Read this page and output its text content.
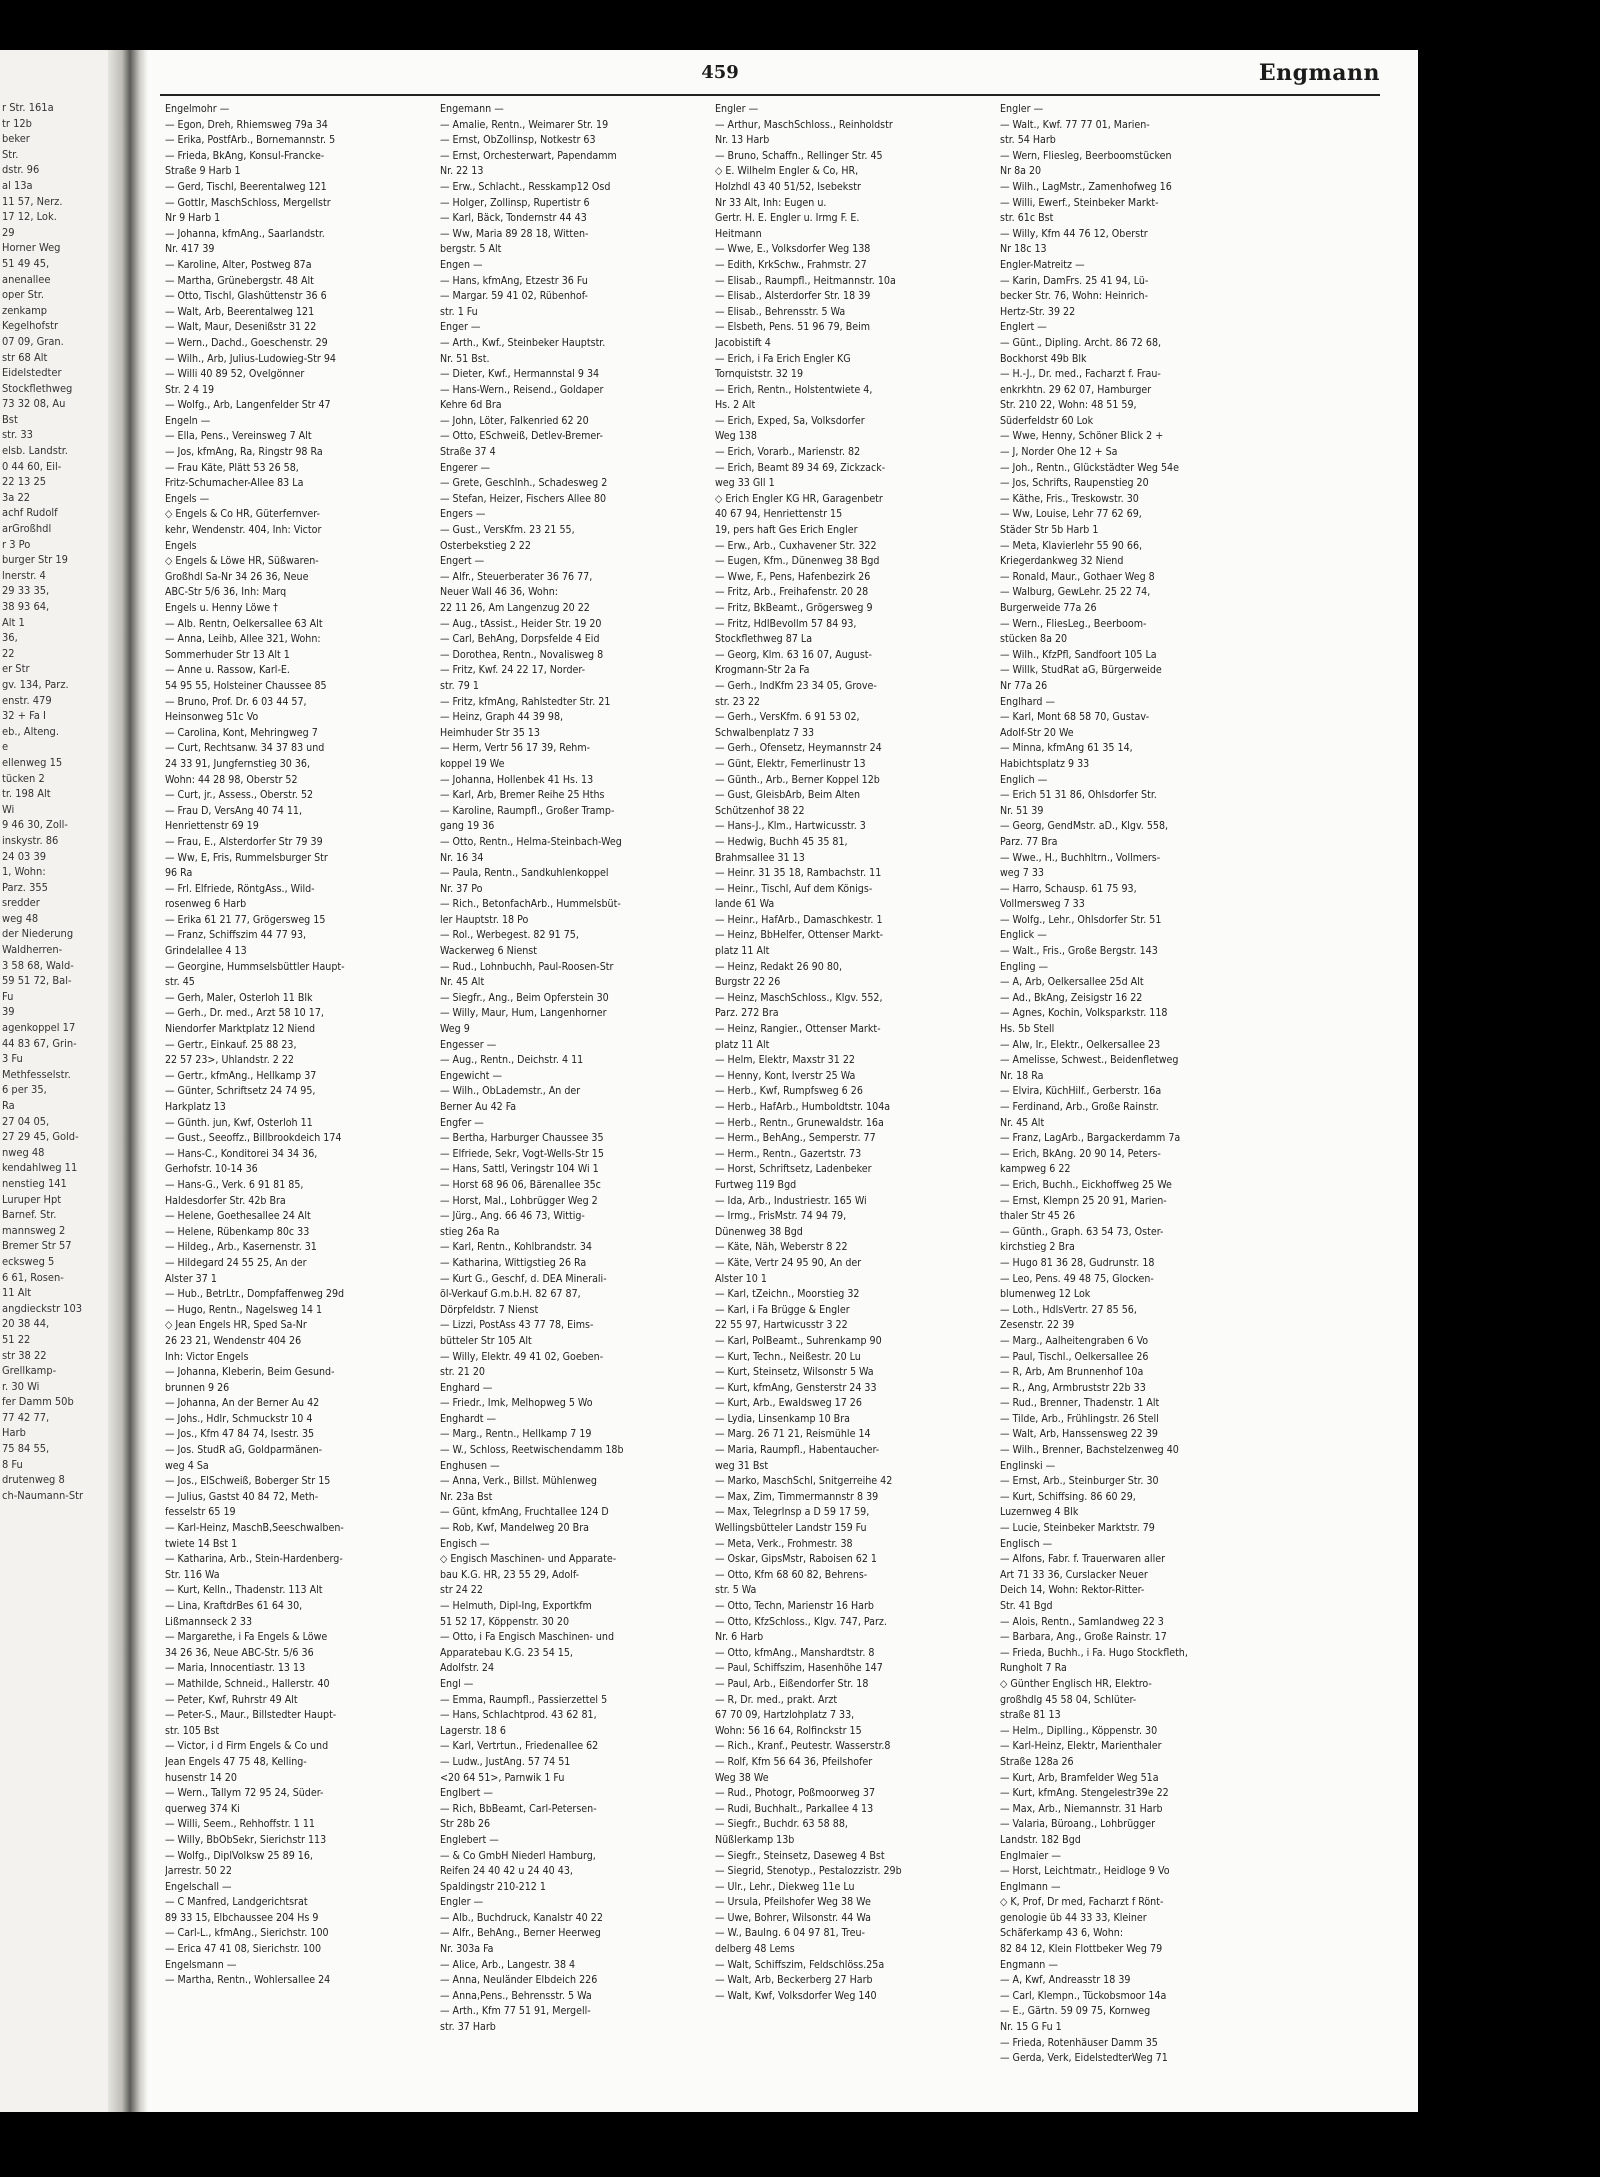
r Str. 161a
tr 12b
beker
Str.
dstr. 96
al 13a
11 57, Nerz.
17 12, Lok.
29
Horner Weg
51 49 45,
anenallee
oper Str.
zenkamp
Kegelhofstr
07 09, Gran.
str 68 Alt
Eidelstedter
Stockflethweg
73 32 08, Au
Bst
str. 33
elsb. Landstr.
0 44 60, Eil-
22 13 25
3a 22
achf Rudolf
arGroßhdl
r 3 Po
burger Str 19
lnerstr. 4
29 33 35,
38 93 64,
Alt 1
36,
22
er Str
gv. 134, Parz.
enstr. 479
32 + Fa I
eb., Alteng.
e
ellenweg 15
tücken 2
tr. 198 Alt
Wi
9 46 30, Zoll-
inskystr. 86
24 03 39
1, Wohn:
Parz. 355
sredder
weg 48
der Niederung
Waldherren-
3 58 68, Wald-
59 51 72, Bal-
Fu
39
agenkoppel 17
44 83 67, Grin-
3 Fu
Methfesselstr.
6 per 35,
Ra
27 04 05,
27 29 45, Gold-
nweg 48
kendahlweg 11
nenstieg 141
Luruper Hpt
Barnef. Str.
mannsweg 2
Bremer Str 57
ecksweg 5
6 61, Rosen-
11 Alt
angdieckstr 103
20 38 44,
51 22
str 38 22
Grellkamp-
r. 30 Wi
fer Damm 50b
77 42 77,
Harb
75 84 55,
8 Fu
drutenweg 8
ch-Naumann-Str
459	Engmann
Engelmohr —
— Egon, Dreh, Rhiemsweg 79a 34
— Erika, PostfArb., Bornemannstr. 5
— Frieda, BkAng, Konsul-Francke-
Straße 9 Harb 1
— Gerd, Tischl, Beerentalweg 121
— Gottlr, MaschSchloss, Mergellstr
Nr 9 Harb 1
— Johanna, kfmAng., Saarlandstr.
Nr. 417 39
— Karoline, Alter, Postweg 87a
— Martha, Grünebergstr. 48 Alt
— Otto, Tischl, Glashüttenstr 36 6
— Walt, Arb, Beerentalweg 121
— Walt, Maur, Desenißstr 31 22
— Wern., Dachd., Goeschenstr. 29
— Wilh., Arb, Julius-Ludowieg-Str 94
— Willi 40 89 52, Ovelgönner
Str. 2 4 19
— Wolfg., Arb, Langenfelder Str 47
Engeln —
— Ella, Pens., Vereinsweg 7 Alt
— Jos, kfmAng, Ra, Ringstr 98 Ra
— Frau Käte, Plätt 53 26 58,
Fritz-Schumacher-Allee 83 La
Engels —
◇ Engels & Co HR, Güterfernver-
kehr, Wendenstr. 404, Inh: Victor
Engels
◇ Engels & Löwe HR, Süßwaren-
Großhdl Sa-Nr 34 26 36, Neue
ABC-Str 5/6 36, Inh: Marq
Engels u. Henny Löwe †
— Alb. Rentn, Oelkersallee 63 Alt
— Anna, Leihb, Allee 321, Wohn:
Sommerhuder Str 13 Alt 1
— Anne u. Rassow, Karl-E.
54 95 55, Holsteiner Chaussee 85
— Bruno, Prof. Dr. 6 03 44 57,
Heinsonweg 51c Vo
— Carolina, Kont, Mehringweg 7
— Curt, Rechtsanw. 34 37 83 und
24 33 91, Jungfernstieg 30 36,
Wohn: 44 28 98, Oberstr 52
— Curt, jr., Assess., Oberstr. 52
— Frau D, VersAng 40 74 11,
Henriettenstr 69 19
— Frau, E., Alsterdorfer Str 79 39
— Ww, E, Fris, Rummelsburger Str
96 Ra
— Frl. Elfriede, RöntgAss., Wild-
rosenweg 6 Harb
— Erika 61 21 77, Grögersweg 15
— Franz, Schiffszim 44 77 93,
Grindelallee 4 13
— Georgine, Hummselsbüttler Haupt-
str. 45
— Gerh, Maler, Osterloh 11 Blk
— Gerh., Dr. med., Arzt 58 10 17,
Niendorfer Marktplatz 12 Niend
— Gertr., Einkauf. 25 88 23,
22 57 23>, Uhlandstr. 2 22
— Gertr., kfmAng., Hellkamp 37
— Günter, Schriftsetz 24 74 95,
Harkplatz 13
— Günth. jun, Kwf, Osterloh 11
— Gust., Seeoffz., Billbrookdeich 174
— Hans-C., Konditorei 34 34 36,
Gerhofstr. 10-14 36
— Hans-G., Verk. 6 91 81 85,
Haldesdorfer Str. 42b Bra
— Helene, Goethesallee 24 Alt
— Helene, Rübenkamp 80c 33
— Hildeg., Arb., Kasernenstr. 31
— Hildegard 24 55 25, An der
Alster 37 1
— Hub., BetrLtr., Dompfaffenweg 29d
— Hugo, Rentn., Nagelsweg 14 1
◇ Jean Engels HR, Sped Sa-Nr
26 23 21, Wendenstr 404 26
Inh: Victor Engels
— Johanna, Kleberin, Beim Gesund-
brunnen 9 26
— Johanna, An der Berner Au 42
— Johs., Hdlr, Schmuckstr 10 4
— Jos., Kfm 47 84 74, Isestr. 35
— Jos. StudR aG, Goldparmänen-
weg 4 Sa
— Jos., ElSchweiß, Boberger Str 15
— Julius, Gastst 40 84 72, Meth-
fesselstr 65 19
— Karl-Heinz, MaschB,Seeschwalben-
twiete 14 Bst 1
— Katharina, Arb., Stein-Hardenberg-
Str. 116 Wa
— Kurt, Kelln., Thadenstr. 113 Alt
— Lina, KraftdrBes 61 64 30,
Lißmannseck 2 33
— Margarethe, i Fa Engels & Löwe
34 26 36, Neue ABC-Str. 5/6 36
— Maria, Innocentiastr. 13 13
— Mathilde, Schneid., Hallerstr. 40
— Peter, Kwf, Ruhrstr 49 Alt
— Peter-S., Maur., Billstedter Haupt-
str. 105 Bst
— Victor, i d Firm Engels & Co und
Jean Engels 47 75 48, Kelling-
husenstr 14 20
— Wern., Tallym 72 95 24, Süder-
querweg 374 Ki
— Willi, Seem., Rehhoffstr. 1 11
— Willy, BbObSekr, Sierichstr 113
— Wolfg., DiplVolksw 25 89 16,
Jarrestr. 50 22
Engelschall —
— C Manfred, Landgerichtsrat
89 33 15, Elbchaussee 204 Hs 9
— Carl-L., kfmAng., Sierichstr. 100
— Erica 47 41 08, Sierichstr. 100
Engelsmann —
— Martha, Rentn., Wohlersallee 24
Engemann —
— Amalie, Rentn., Weimarer Str. 19
— Ernst, ObZollinsp, Notkestr 63
— Ernst, Orchesterwart, Papendamm
Nr. 22 13
— Erw., Schlacht., Resskamp12 Osd
— Holger, Zollinsp, Rupertistr 6
— Karl, Bäck, Tondernstr 44 43
— Ww, Maria 89 28 18, Witten-
bergstr. 5 Alt
Engen —
— Hans, kfmAng, Etzestr 36 Fu
— Margar. 59 41 02, Rübenhof-
str. 1 Fu
Enger —
— Arth., Kwf., Steinbeker Hauptstr.
Nr. 51 Bst.
— Dieter, Kwf., Hermannstal 9 34
— Hans-Wern., Reisend., Goldaper
Kehre 6d Bra
— John, Löter, Falkenried 62 20
— Otto, ESchweiß, Detlev-Bremer-
Straße 37 4
Engerer —
— Grete, Geschlnh., Schadesweg 2
— Stefan, Heizer, Fischers Allee 80
Engers —
— Gust., VersKfm. 23 21 55,
Osterbekstieg 2 22
Engert —
— Alfr., Steuerberater 36 76 77,
Neuer Wall 46 36, Wohn:
22 11 26, Am Langenzug 20 22
— Aug., tAssist., Heider Str. 19 20
— Carl, BehAng, Dorpsfelde 4 Eid
— Dorothea, Rentn., Novalisweg 8
— Fritz, Kwf. 24 22 17, Norder-
str. 79 1
— Fritz, kfmAng, Rahlstedter Str. 21
— Heinz, Graph 44 39 98,
Heimhuder Str 35 13
— Herm, Vertr 56 17 39, Rehm-
koppel 19 We
— Johanna, Hollenbek 41 Hs. 13
— Karl, Arb, Bremer Reihe 25 Hths
— Karoline, Raumpfl., Großer Tramp-
gang 19 36
— Otto, Rentn., Helma-Steinbach-Weg
Nr. 16 34
— Paula, Rentn., Sandkuhlenkoppel
Nr. 37 Po
— Rich., BetonfachArb., Hummelsbüt-
ler Hauptstr. 18 Po
— Rol., Werbegest. 82 91 75,
Wackerweg 6 Nienst
— Rud., Lohnbuchh, Paul-Roosen-Str
Nr. 45 Alt
— Siegfr., Ang., Beim Opferstein 30
— Willy, Maur, Hum, Langenhorner
Weg 9
Engesser —
— Aug., Rentn., Deichstr. 4 11
Engewicht —
— Wilh., ObLademstr., An der
Berner Au 42 Fa
Engfer —
— Bertha, Harburger Chaussee 35
— Elfriede, Sekr, Vogt-Wells-Str 15
— Hans, Sattl, Veringstr 104 Wi 1
— Horst 68 96 06, Bärenallee 35c
— Horst, Mal., Lohbrügger Weg 2
— Jürg., Ang. 66 46 73, Wittig-
stieg 26a Ra
— Karl, Rentn., Kohlbrandstr. 34
— Katharina, Wittigstieg 26 Ra
— Kurt G., Geschf, d. DEA Minerali-
öl-Verkauf G.m.b.H. 82 67 87,
Dörpfeldstr. 7 Nienst
— Lizzi, PostAss 43 77 78, Eims-
bütteler Str 105 Alt
— Willy, Elektr. 49 41 02, Goeben-
str. 21 20
Enghard —
— Friedr., Imk, Melhopweg 5 Wo
Enghardt —
— Marg., Rentn., Hellkamp 7 19
— W., Schloss, Reetwischendamm 18b
Enghusen —
— Anna, Verk., Billst. Mühlenweg
Nr. 23a Bst
— Günt, kfmAng, Fruchtallee 124 D
— Rob, Kwf, Mandelweg 20 Bra
Engisch —
◇ Engisch Maschinen- und Apparate-
bau K.G. HR, 23 55 29, Adolf-
str 24 22
— Helmuth, Dipl-Ing, Exportkfm
51 52 17, Köppenstr. 30 20
— Otto, i Fa Engisch Maschinen- und
Apparatebau K.G. 23 54 15,
Adolfstr. 24
Engl —
— Emma, Raumpfl., Passierzettel 5
— Hans, Schlachtprod. 43 62 81,
Lagerstr. 18 6
— Karl, Vertrtun., Friedenallee 62
— Ludw., JustAng. 57 74 51
<20 64 51>, Parnwik 1 Fu
Englbert —
— Rich, BbBeamt, Carl-Petersen-
Str 28b 26
Englebert —
— & Co GmbH Niederl Hamburg,
Reifen 24 40 42 u 24 40 43,
Spaldingstr 210-212 1
Engler —
— Alb., Buchdruck, Kanalstr 40 22
— Alfr., BehAng., Berner Heerweg
Nr. 303a Fa
— Alice, Arb., Langestr. 38 4
— Anna, Neuländer Elbdeich 226
— Anna,Pens., Behrensstr. 5 Wa
— Arth., Kfm 77 51 91, Mergell-
str. 37 Harb
Engler —
— Arthur, MaschSchloss., Reinholdstr
Nr. 13 Harb
— Bruno, Schaffn., Rellinger Str. 45
◇ E. Wilhelm Engler & Co, HR,
Holzhdl 43 40 51/52, Isebekstr
Nr 33 Alt, Inh: Eugen u.
Gertr. H. E. Engler u. Irmg F. E.
Heitmann
— Wwe, E., Volksdorfer Weg 138
— Edith, KrkSchw., Frahmstr. 27
— Elisab., Raumpfl., Heitmannstr. 10a
— Elisab., Alsterdorfer Str. 18 39
— Elisab., Behrensstr. 5 Wa
— Elsbeth, Pens. 51 96 79, Beim
Jacobistift 4
— Erich, i Fa Erich Engler KG
Tornquiststr. 32 19
— Erich, Rentn., Holstentwiete 4,
Hs. 2 Alt
— Erich, Exped, Sa, Volksdorfer
Weg 138
— Erich, Vorarb., Marienstr. 82
— Erich, Beamt 89 34 69, Zickzack-
weg 33 Gll 1
◇ Erich Engler KG HR, Garagenbetr
40 67 94, Henriettenstr 15
19, pers haft Ges Erich Engler
— Erw., Arb., Cuxhavener Str. 322
— Eugen, Kfm., Dünenweg 38 Bgd
— Wwe, F., Pens, Hafenbezirk 26
— Fritz, Arb., Freihafenstr. 20 28
— Fritz, BkBeamt., Grögersweg 9
— Fritz, HdlBevollm 57 84 93,
Stockflethweg 87 La
— Georg, Klm. 63 16 07, August-
Krogmann-Str 2a Fa
— Gerh., IndKfm 23 34 05, Grove-
str. 23 22
— Gerh., VersKfm. 6 91 53 02,
Schwalbenplatz 7 33
— Gerh., Ofensetz, Heymannstr 24
— Günt, Elektr, Femerlinustr 13
— Günth., Arb., Berner Koppel 12b
— Gust, GleisbArb, Beim Alten
Schützenhof 38 22
— Hans-J., Klm., Hartwicusstr. 3
— Hedwig, Buchh 45 35 81,
Brahmsallee 31 13
— Heinr. 31 35 18, Rambachstr. 11
— Heinr., Tischl, Auf dem Königs-
lande 61 Wa
— Heinr., HafArb., Damaschkestr. 1
— Heinz, BbHelfer, Ottenser Markt-
platz 11 Alt
— Heinz, Redakt 26 90 80,
Burgstr 22 26
— Heinz, MaschSchloss., Klgv. 552,
Parz. 272 Bra
— Heinz, Rangier., Ottenser Markt-
platz 11 Alt
— Helm, Elektr, Maxstr 31 22
— Henny, Kont, Iverstr 25 Wa
— Herb., Kwf, Rumpfsweg 6 26
— Herb., HafArb., Humboldtstr. 104a
— Herb., Rentn., Grunewaldstr. 16a
— Herm., BehAng., Semperstr. 77
— Herm., Rentn., Gazertstr. 73
— Horst, Schriftsetz, Ladenbeker
Furtweg 119 Bgd
— Ida, Arb., Industriestr. 165 Wi
— Irmg., FrisMstr. 74 94 79,
Dünenweg 38 Bgd
— Käte, Näh, Weberstr 8 22
— Käte, Vertr 24 95 90, An der
Alster 10 1
— Karl, tZeichn., Moorstieg 32
— Karl, i Fa Brügge & Engler
22 55 97, Hartwicusstr 3 22
— Karl, PolBeamt., Suhrenkamp 90
— Kurt, Techn., Neißestr. 20 Lu
— Kurt, Steinsetz, Wilsonstr 5 Wa
— Kurt, kfmAng, Gensterstr 24 33
— Kurt, Arb., Ewaldsweg 17 26
— Lydia, Linsenkamp 10 Bra
— Marg. 26 71 21, Reismühle 14
— Maria, Raumpfl., Habentaucher-
weg 31 Bst
— Marko, MaschSchl, Snitgerreihe 42
— Max, Zim, Timmermannstr 8 39
— Max, TelegrInsp a D 59 17 59,
Wellingsbütteler Landstr 159 Fu
— Meta, Verk., Frohmestr. 38
— Oskar, GipsMstr, Raboisen 62 1
— Otto, Kfm 68 60 82, Behrens-
str. 5 Wa
— Otto, Techn, Marienstr 16 Harb
— Otto, KfzSchloss., Klgv. 747, Parz.
Nr. 6 Harb
— Otto, kfmAng., Manshardtstr. 8
— Paul, Schiffszim, Hasenhöhe 147
— Paul, Arb., Eißendorfer Str. 18
— R, Dr. med., prakt. Arzt
67 70 09, Hartzlohplatz 7 33,
Wohn: 56 16 64, Rolfinckstr 15
— Rich., Kranf., Peutestr. Wasserstr.8
— Rolf, Kfm 56 64 36, Pfeilshofer
Weg 38 We
— Rud., Photogr, Poßmoorweg 37
— Rudi, Buchhalt., Parkallee 4 13
— Siegfr., Buchdr. 63 58 88,
Nüßlerkamp 13b
— Siegfr., Steinsetz, Daseweg 4 Bst
— Siegrid, Stenotyp., Pestalozzistr. 29b
— Ulr., Lehr., Diekweg 11e Lu
— Ursula, Pfeilshofer Weg 38 We
— Uwe, Bohrer, Wilsonstr. 44 Wa
— W., Baulng. 6 04 97 81, Treu-
delberg 48 Lems
— Walt, Schiffszim, Feldschlöss.25a
— Walt, Arb, Beckerberg 27 Harb
— Walt, Kwf, Volksdorfer Weg 140
Engler —
— Walt., Kwf. 77 77 01, Marien-
str. 54 Harb
— Wern, Fliesleg, Beerboomstücken
Nr 8a 20
— Wilh., LagMstr., Zamenhofweg 16
— Willi, Ewerf., Steinbeker Markt-
str. 61c Bst
— Willy, Kfm 44 76 12, Oberstr
Nr 18c 13
Engler-Matreitz —
— Karin, DamFrs. 25 41 94, Lü-
becker Str. 76, Wohn: Heinrich-
Hertz-Str. 39 22
Englert —
— Günt., Dipling. Archt. 86 72 68,
Bockhorst 49b Blk
— H.-J., Dr. med., Facharzt f. Frau-
enkrkhtn. 29 62 07, Hamburger
Str. 210 22, Wohn: 48 51 59,
Süderfeldstr 60 Lok
— Wwe, Henny, Schöner Blick 2 +
— J, Norder Ohe 12 + Sa
— Joh., Rentn., Glückstädter Weg 54e
— Jos, Schrifts, Raupenstieg 20
— Käthe, Fris., Treskowstr. 30
— Ww, Louise, Lehr 77 62 69,
Städer Str 5b Harb 1
— Meta, Klavierlehr 55 90 66,
Kriegerdankweg 32 Niend
— Ronald, Maur., Gothaer Weg 8
— Walburg, GewLehr. 25 22 74,
Burgerweide 77a 26
— Wern., FliesLeg., Beerboom-
stücken 8a 20
— Wilh., KfzPfl, Sandfoort 105 La
— Willk, StudRat aG, Bürgerweide
Nr 77a 26
Englhard —
— Karl, Mont 68 58 70, Gustav-
Adolf-Str 20 We
— Minna, kfmAng 61 35 14,
Habichtsplatz 9 33
Englich —
— Erich 51 31 86, Ohlsdorfer Str.
Nr. 51 39
— Georg, GendMstr. aD., Klgv. 558,
Parz. 77 Bra
— Wwe., H., Buchhltrn., Vollmers-
weg 7 33
— Harro, Schausp. 61 75 93,
Vollmersweg 7 33
— Wolfg., Lehr., Ohlsdorfer Str. 51
Englick —
— Walt., Fris., Große Bergstr. 143
Engling —
— A, Arb, Oelkersallee 25d Alt
— Ad., BkAng, Zeisigstr 16 22
— Agnes, Kochin, Volksparkstr. 118
Hs. 5b Stell
— Alw, Ir., Elektr., Oelkersallee 23
— Amelisse, Schwest., Beidenfletweg
Nr. 18 Ra
— Elvira, KüchHilf., Gerberstr. 16a
— Ferdinand, Arb., Große Rainstr.
Nr. 45 Alt
— Franz, LagArb., Bargackerdamm 7a
— Erich, BkAng. 20 90 14, Peters-
kampweg 6 22
— Erich, Buchh., Eickhoffweg 25 We
— Ernst, Klempn 25 20 91, Marien-
thaler Str 45 26
— Günth., Graph. 63 54 73, Oster-
kirchstieg 2 Bra
— Hugo 81 36 28, Gudrunstr. 18
— Leo, Pens. 49 48 75, Glocken-
blumenweg 12 Lok
— Loth., HdlsVertr. 27 85 56,
Zesenstr. 22 39
— Marg., Aalheitengraben 6 Vo
— Paul, Tischl., Oelkersallee 26
— R, Arb, Am Brunnenhof 10a
— R., Ang, Armbruststr 22b 33
— Rud., Brenner, Thadenstr. 1 Alt
— Tilde, Arb., Frühlingstr. 26 Stell
— Walt, Arb, Hanssensweg 22 39
— Wilh., Brenner, Bachstelzenweg 40
Englinski —
— Ernst, Arb., Steinburger Str. 30
— Kurt, Schiffsing. 86 60 29,
Luzernweg 4 Blk
— Lucie, Steinbeker Marktstr. 79
Englisch —
— Alfons, Fabr. f. Trauerwaren aller
Art 71 33 36, Curslacker Neuer
Deich 14, Wohn: Rektor-Ritter-
Str. 41 Bgd
— Alois, Rentn., Samlandweg 22 3
— Barbara, Ang., Große Rainstr. 17
— Frieda, Buchh., i Fa. Hugo Stockfleth,
Rungholt 7 Ra
◇ Günther Englisch HR, Elektro-
großhdlg 45 58 04, Schlüter-
straße 81 13
— Helm., Diplling., Köppenstr. 30
— Karl-Heinz, Elektr, Marienthaler
Straße 128a 26
— Kurt, Arb, Bramfelder Weg 51a
— Kurt, kfmAng. Stengelestr39e 22
— Max, Arb., Niemannstr. 31 Harb
— Valaria, Büroang., Lohbrügger
Landstr. 182 Bgd
Englmaier —
— Horst, Leichtmatr., Heidloge 9 Vo
Englmann —
◇ K, Prof, Dr med, Facharzt f Rönt-
genologie üb 44 33 33, Kleiner
Schäferkamp 43 6, Wohn:
82 84 12, Klein Flottbeker Weg 79
Engmann —
— A, Kwf, Andreasstr 18 39
— Carl, Klempn., Tückobsmoor 14a
— E., Gärtn. 59 09 75, Kornweg
Nr. 15 G Fu 1
— Frieda, Rotenhäuser Damm 35
— Gerda, Verk, EidelstedterWeg 71
